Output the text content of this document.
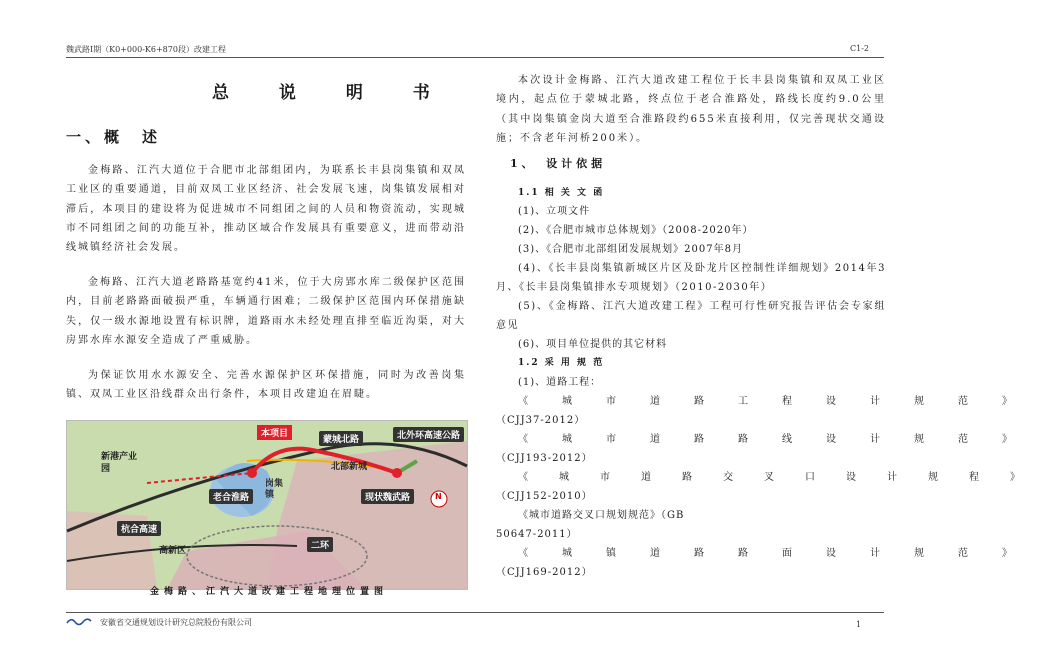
魏武路Ⅰ期（K0+000-K6+870段）改建工程	C1-2
总 说 明 书
一、概　述
金梅路、江汽大道位于合肥市北部组团内，为联系长丰县岗集镇和双凤工业区的重要通道，目前双凤工业区经济、社会发展飞速，岗集镇发展相对滞后，本项目的建设将为促进城市不同组团之间的人员和物资流动，实现城市不同组团之间的功能互补，推动区域合作发展具有重要意义，进而带动沿线城镇经济社会发展。
金梅路、江汽大道老路路基宽约41米，位于大房郢水库二级保护区范围内，目前老路路面破损严重，车辆通行困难；二级保护区范围内环保措施缺失，仅一级水源地设置有标识牌，道路雨水未经处理直排至临近沟渠，对大房郢水库水源安全造成了严重威胁。
为保证饮用水水源安全、完善水源保护区环保措施，同时为改善岗集镇、双凤工业区沿线群众出行条件，本项目改建迫在眉睫。
本项目
蒙城北路	北外环高速公路
新港产业园
老合淮路
岗集镇
北部新城
现状魏武路
杭合高速
高新区	二环
N
金梅路、江汽大道改建工程地理位置图
本次设计金梅路、江汽大道改建工程位于长丰县岗集镇和双凤工业区境内，起点位于蒙城北路，终点位于老合淮路处，路线长度约9.0公里（其中岗集镇金岗大道至合淮路段约655米直接利用，仅完善现状交通设施；不含老年河桥200米）。
1、　设计依据
1.1 相 关 文 函
(1)、立项文件
(2)、《合肥市城市总体规划》（2008-2020年）
(3)、《合肥市北部组团发展规划》2007年8月
(4)、《长丰县岗集镇新城区片区及卧龙片区控制性详细规划》2014年3月、《长丰县岗集镇排水专项规划》（2010-2030年）
(5)、《金梅路、江汽大道改建工程》工程可行性研究报告评估会专家组意见
(6)、项目单位提供的其它材料
1.2 采 用 规 范
(1)、道路工程：
《城市道路工程设计规范》
（CJJ37-2012）
《城市道路路线设计规范》
（CJJ193-2012）
《城市道路交叉口设计规程》
（CJJ152-2010）
《城市道路交叉口规划规范》（GB
50647-2011）
《城镇道路路面设计规范》
（CJJ169-2012）
安徽省交通规划设计研究总院股份有限公司	1
